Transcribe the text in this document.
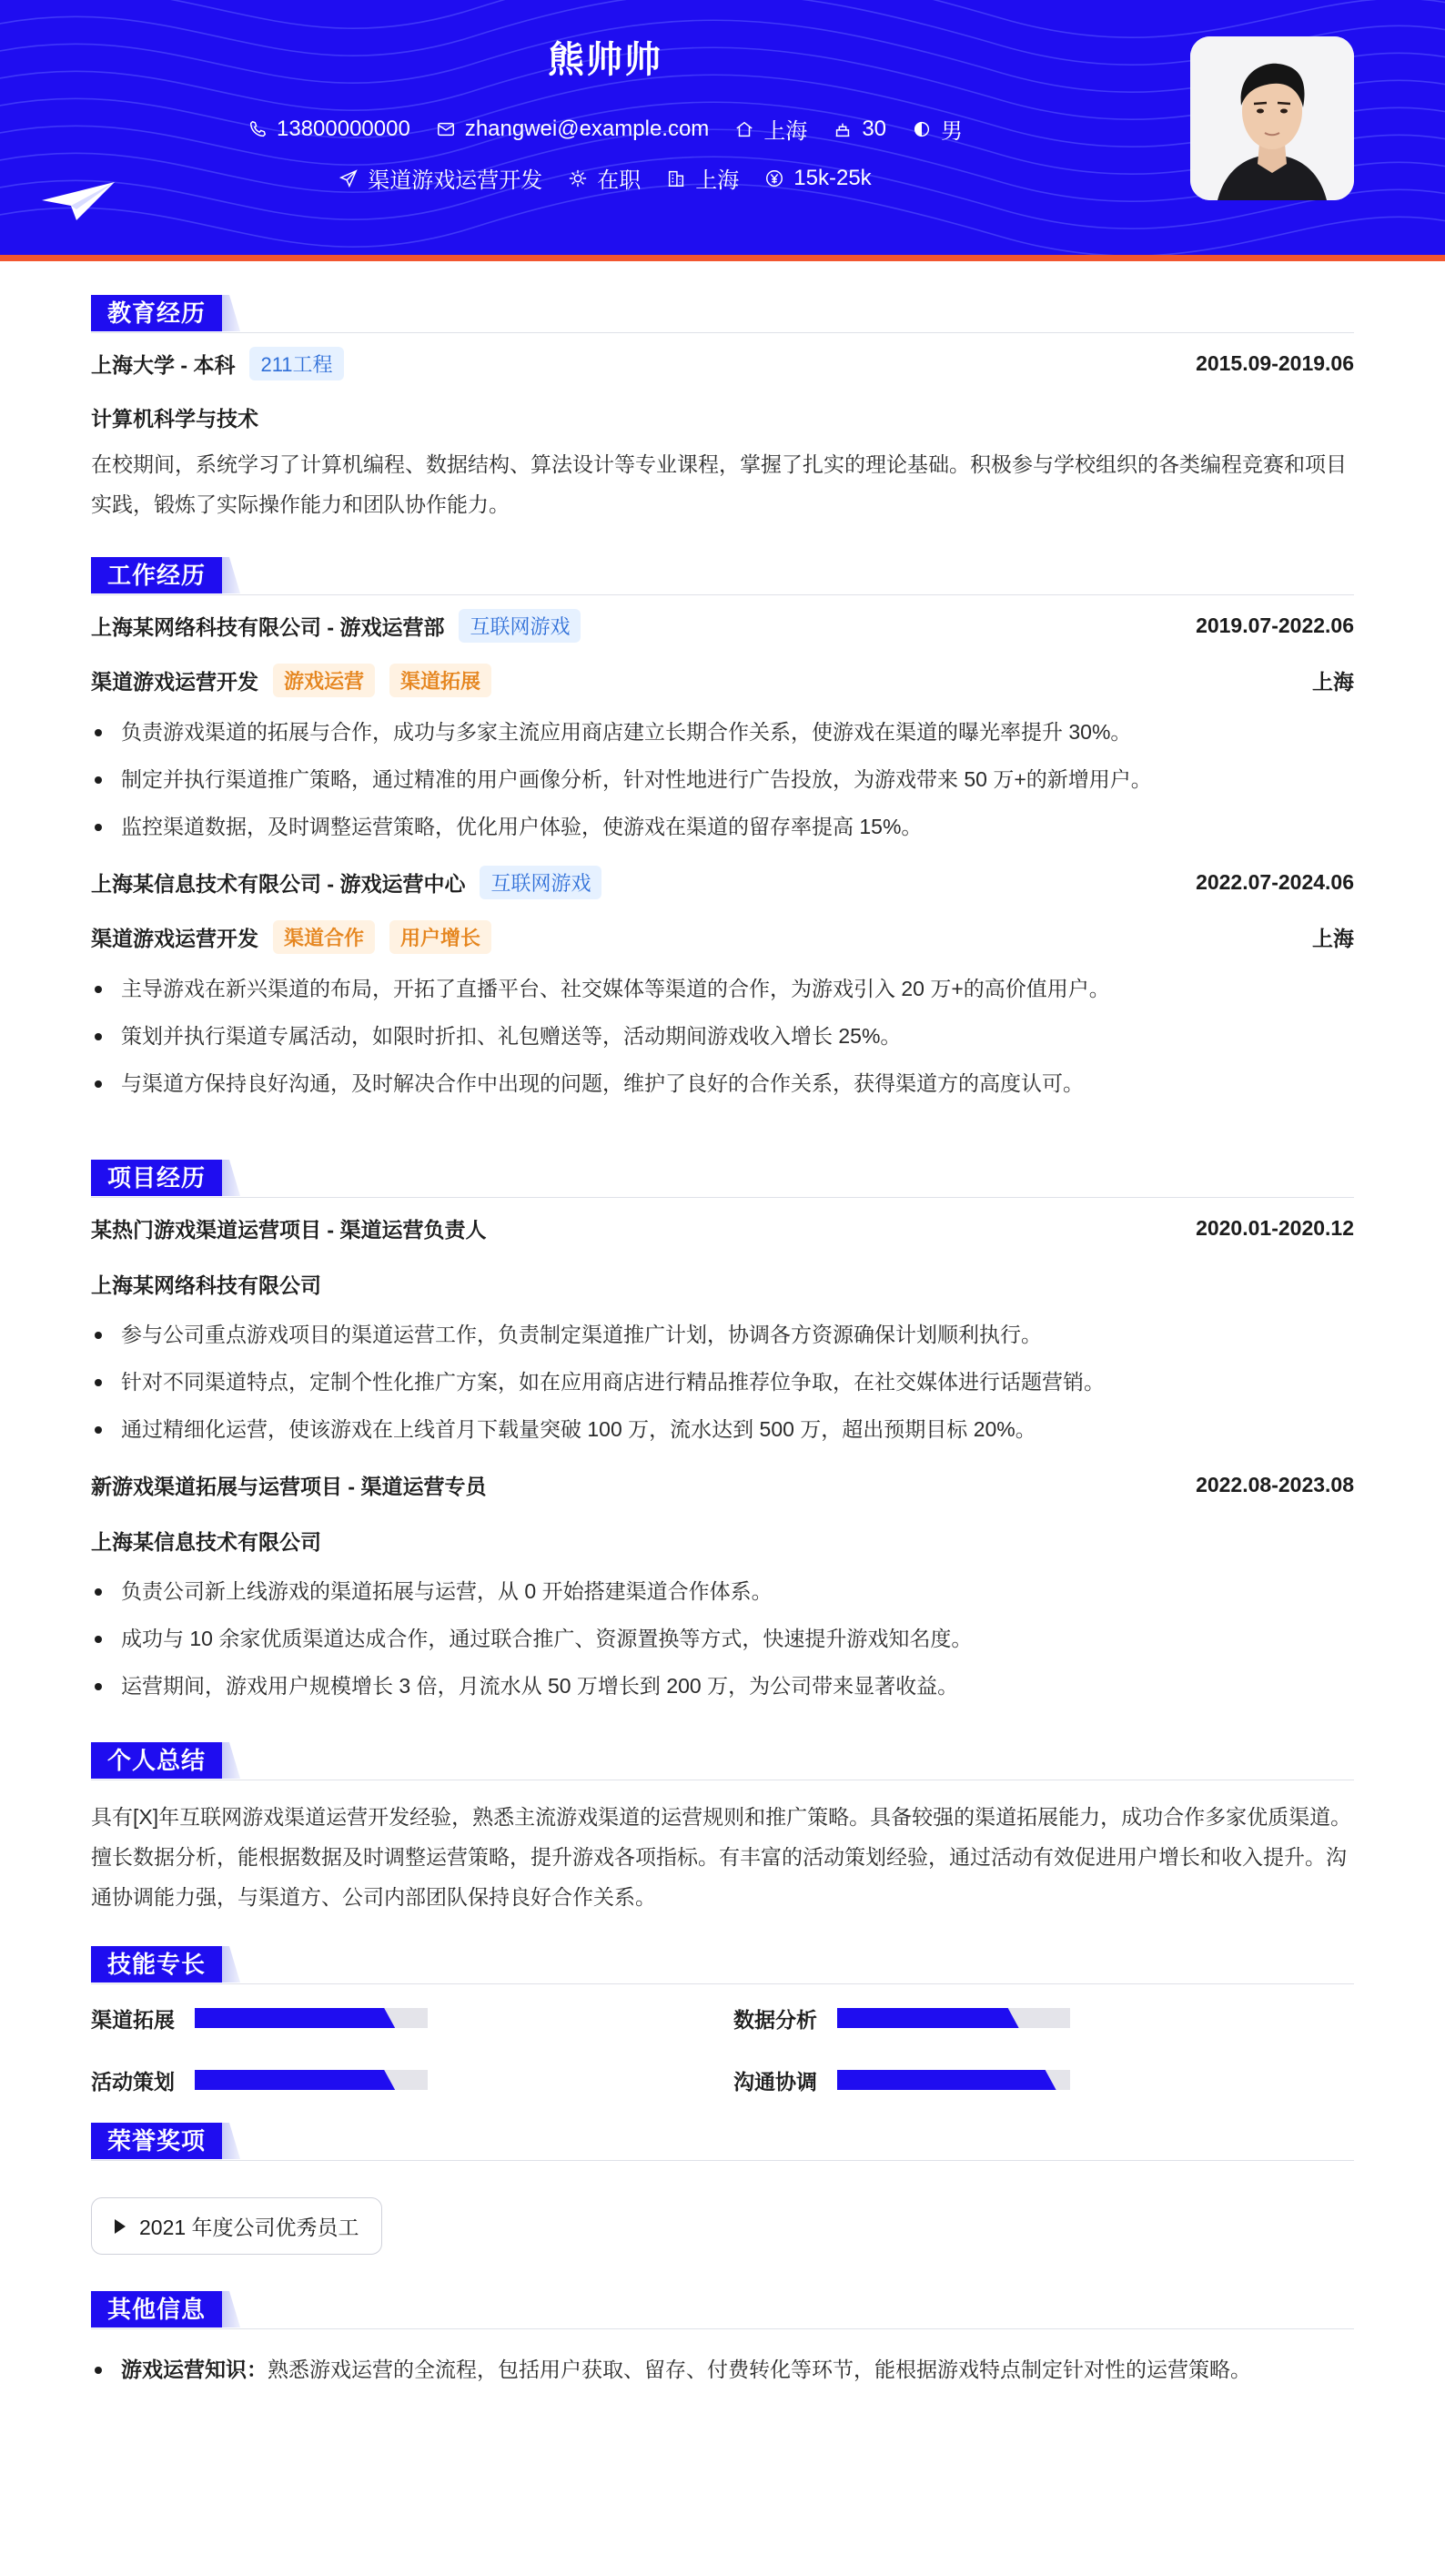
熊帅帅
13800000000	zhangwei@example.com	上海	30	男
渠道游戏运营开发	在职	上海	15k-25k
教育经历
上海大学 - 本科	211工程	2015.09-2019.06
计算机科学与技术
在校期间，系统学习了计算机编程、数据结构、算法设计等专业课程，掌握了扎实的理论基础。积极参与学校组织的各类编程竞赛和项目实践，锻炼了实际操作能力和团队协作能力。
工作经历
上海某网络科技有限公司 - 游戏运营部	互联网游戏	2019.07-2022.06
渠道游戏运营开发	游戏运营	渠道拓展	上海
负责游戏渠道的拓展与合作，成功与多家主流应用商店建立长期合作关系，使游戏在渠道的曝光率提升 30%。
制定并执行渠道推广策略，通过精准的用户画像分析，针对性地进行广告投放，为游戏带来 50 万+的新增用户。
监控渠道数据，及时调整运营策略，优化用户体验，使游戏在渠道的留存率提高 15%。
上海某信息技术有限公司 - 游戏运营中心	互联网游戏	2022.07-2024.06
渠道游戏运营开发	渠道合作	用户增长	上海
主导游戏在新兴渠道的布局，开拓了直播平台、社交媒体等渠道的合作，为游戏引入 20 万+的高价值用户。
策划并执行渠道专属活动，如限时折扣、礼包赠送等，活动期间游戏收入增长 25%。
与渠道方保持良好沟通，及时解决合作中出现的问题，维护了良好的合作关系，获得渠道方的高度认可。
项目经历
某热门游戏渠道运营项目 - 渠道运营负责人	2020.01-2020.12
上海某网络科技有限公司
参与公司重点游戏项目的渠道运营工作，负责制定渠道推广计划，协调各方资源确保计划顺利执行。
针对不同渠道特点，定制个性化推广方案，如在应用商店进行精品推荐位争取，在社交媒体进行话题营销。
通过精细化运营，使该游戏在上线首月下载量突破 100 万，流水达到 500 万，超出预期目标 20%。
新游戏渠道拓展与运营项目 - 渠道运营专员	2022.08-2023.08
上海某信息技术有限公司
负责公司新上线游戏的渠道拓展与运营，从 0 开始搭建渠道合作体系。
成功与 10 余家优质渠道达成合作，通过联合推广、资源置换等方式，快速提升游戏知名度。
运营期间，游戏用户规模增长 3 倍，月流水从 50 万增长到 200 万，为公司带来显著收益。
个人总结
具有[X]年互联网游戏渠道运营开发经验，熟悉主流游戏渠道的运营规则和推广策略。具备较强的渠道拓展能力，成功合作多家优质渠道。擅长数据分析，能根据数据及时调整运营策略，提升游戏各项指标。有丰富的活动策划经验，通过活动有效促进用户增长和收入提升。沟通协调能力强，与渠道方、公司内部团队保持良好合作关系。
技能专长
渠道拓展	数据分析
活动策划	沟通协调
荣誉奖项
2021 年度公司优秀员工
其他信息
游戏运营知识：熟悉游戏运营的全流程，包括用户获取、留存、付费转化等环节，能根据游戏特点制定针对性的运营策略。
